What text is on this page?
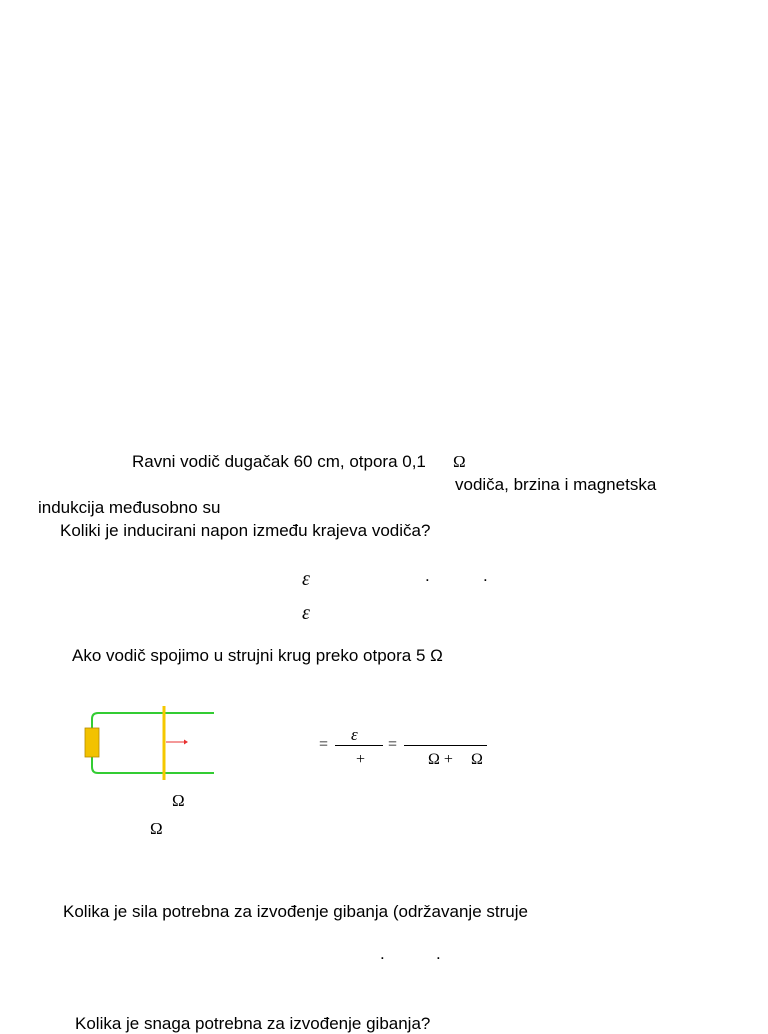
Ravni vodič dugačak 60 cm, otpora 0,1 Ω
vodiča, brzina i magnetska
indukcija međusobno su
Koliki je inducirani napon između krajeva vodiča?
ε	.	.
ε
Ako vodič spojimo u strujni krug preko otpora 5 Ω
Ω
Ω
=
ε
+
=
Ω + Ω
Kolika je sila potrebna za izvođenje gibanja (održavanje struje
.	.
Kolika je snaga potrebna za izvođenje gibanja?
